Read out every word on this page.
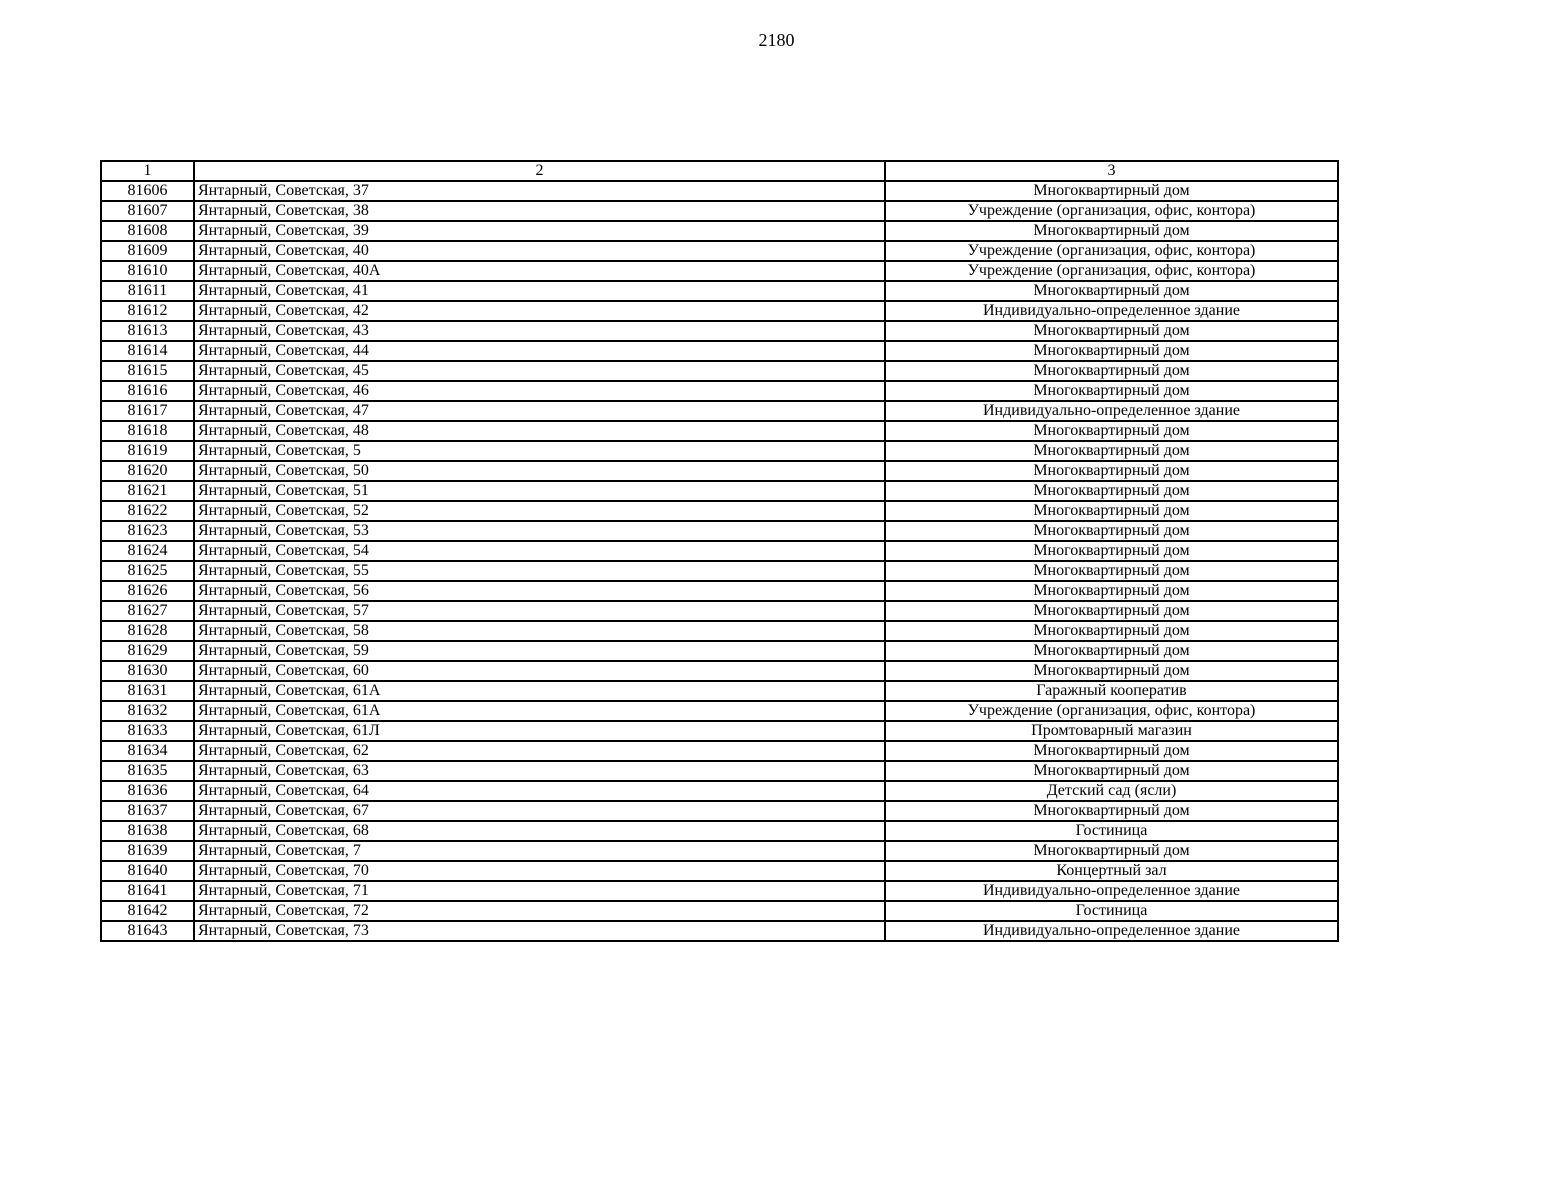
2180
1	2	3
81606	Янтарный, Советская, 37	Многоквартирный дом
81607	Янтарный, Советская, 38	Учреждение (организация, офис, контора)
81608	Янтарный, Советская, 39	Многоквартирный дом
81609	Янтарный, Советская, 40	Учреждение (организация, офис, контора)
81610	Янтарный, Советская, 40А	Учреждение (организация, офис, контора)
81611	Янтарный, Советская, 41	Многоквартирный дом
81612	Янтарный, Советская, 42	Индивидуально-определенное здание
81613	Янтарный, Советская, 43	Многоквартирный дом
81614	Янтарный, Советская, 44	Многоквартирный дом
81615	Янтарный, Советская, 45	Многоквартирный дом
81616	Янтарный, Советская, 46	Многоквартирный дом
81617	Янтарный, Советская, 47	Индивидуально-определенное здание
81618	Янтарный, Советская, 48	Многоквартирный дом
81619	Янтарный, Советская, 5	Многоквартирный дом
81620	Янтарный, Советская, 50	Многоквартирный дом
81621	Янтарный, Советская, 51	Многоквартирный дом
81622	Янтарный, Советская, 52	Многоквартирный дом
81623	Янтарный, Советская, 53	Многоквартирный дом
81624	Янтарный, Советская, 54	Многоквартирный дом
81625	Янтарный, Советская, 55	Многоквартирный дом
81626	Янтарный, Советская, 56	Многоквартирный дом
81627	Янтарный, Советская, 57	Многоквартирный дом
81628	Янтарный, Советская, 58	Многоквартирный дом
81629	Янтарный, Советская, 59	Многоквартирный дом
81630	Янтарный, Советская, 60	Многоквартирный дом
81631	Янтарный, Советская, 61А	Гаражный кооператив
81632	Янтарный, Советская, 61А	Учреждение (организация, офис, контора)
81633	Янтарный, Советская, 61Л	Промтоварный магазин
81634	Янтарный, Советская, 62	Многоквартирный дом
81635	Янтарный, Советская, 63	Многоквартирный дом
81636	Янтарный, Советская, 64	Детский сад (ясли)
81637	Янтарный, Советская, 67	Многоквартирный дом
81638	Янтарный, Советская, 68	Гостиница
81639	Янтарный, Советская, 7	Многоквартирный дом
81640	Янтарный, Советская, 70	Концертный зал
81641	Янтарный, Советская, 71	Индивидуально-определенное здание
81642	Янтарный, Советская, 72	Гостиница
81643	Янтарный, Советская, 73	Индивидуально-определенное здание
